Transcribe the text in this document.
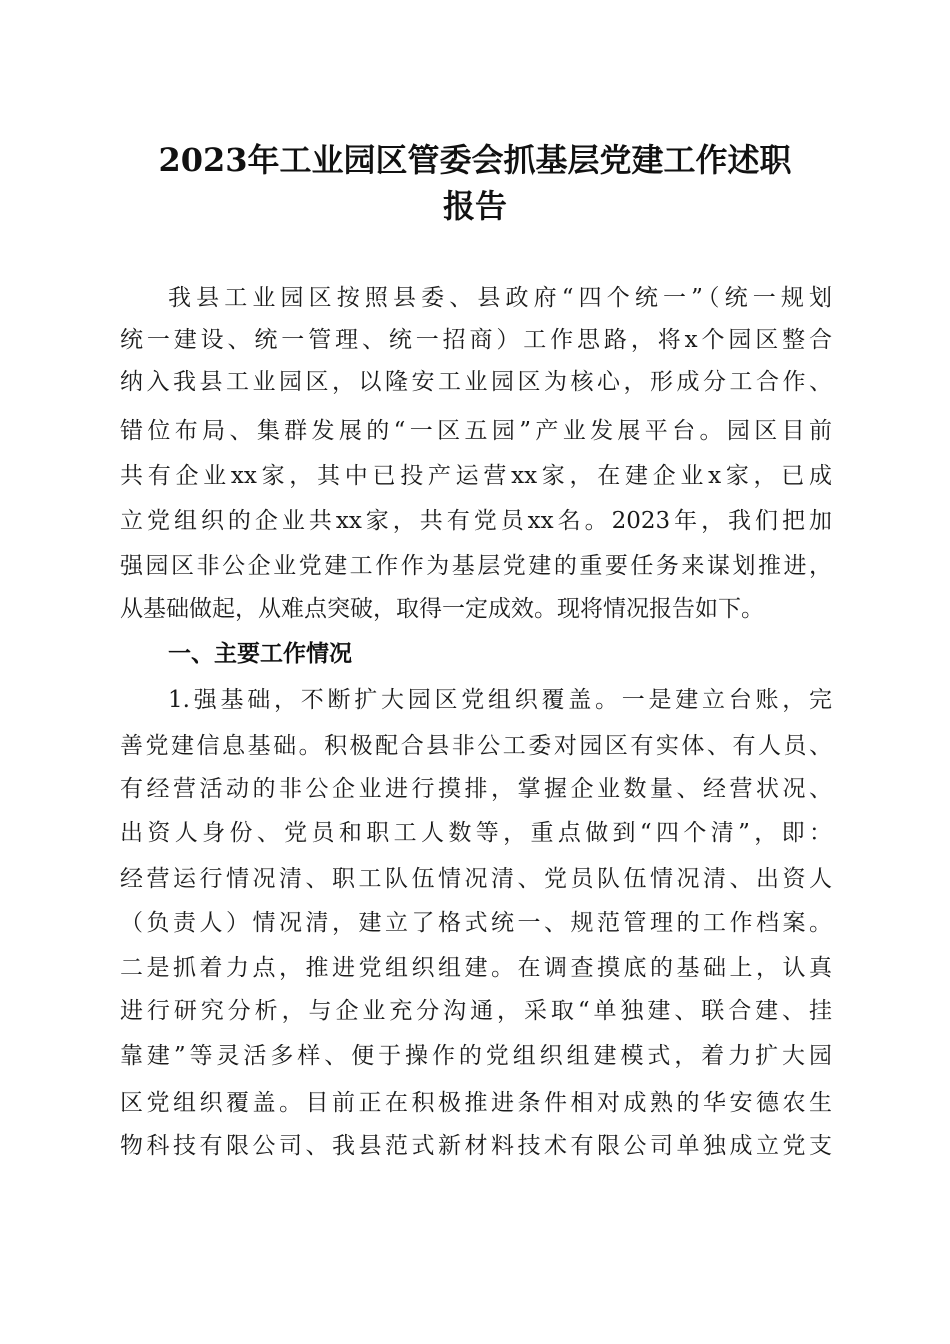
2023年工业园区管委会抓基层党建工作述职
报告
我县工业园区按照县委、县政府“四个统一”（统一规划
统一建设、统一管理、统一招商）工作思路，将x个园区整合
纳入我县工业园区，以隆安工业园区为核心，形成分工合作、
错位布局、集群发展的“一区五园”产业发展平台。园区目前
共有企业xx家，其中已投产运营xx家，在建企业x家，已成
立党组织的企业共xx家，共有党员xx名。2023年，我们把加
强园区非公企业党建工作作为基层党建的重要任务来谋划推进，
从基础做起，从难点突破，取得一定成效。现将情况报告如下。
一、主要工作情况
1.强基础，不断扩大园区党组织覆盖。一是建立台账，完
善党建信息基础。积极配合县非公工委对园区有实体、有人员、
有经营活动的非公企业进行摸排，掌握企业数量、经营状况、
出资人身份、党员和职工人数等，重点做到“四个清”，即：
经营运行情况清、职工队伍情况清、党员队伍情况清、出资人
（负责人）情况清，建立了格式统一、规范管理的工作档案。
二是抓着力点，推进党组织组建。在调查摸底的基础上，认真
进行研究分析，与企业充分沟通，采取“单独建、联合建、挂
靠建”等灵活多样、便于操作的党组织组建模式，着力扩大园
区党组织覆盖。目前正在积极推进条件相对成熟的华安德农生
物科技有限公司、我县范式新材料技术有限公司单独成立党支
